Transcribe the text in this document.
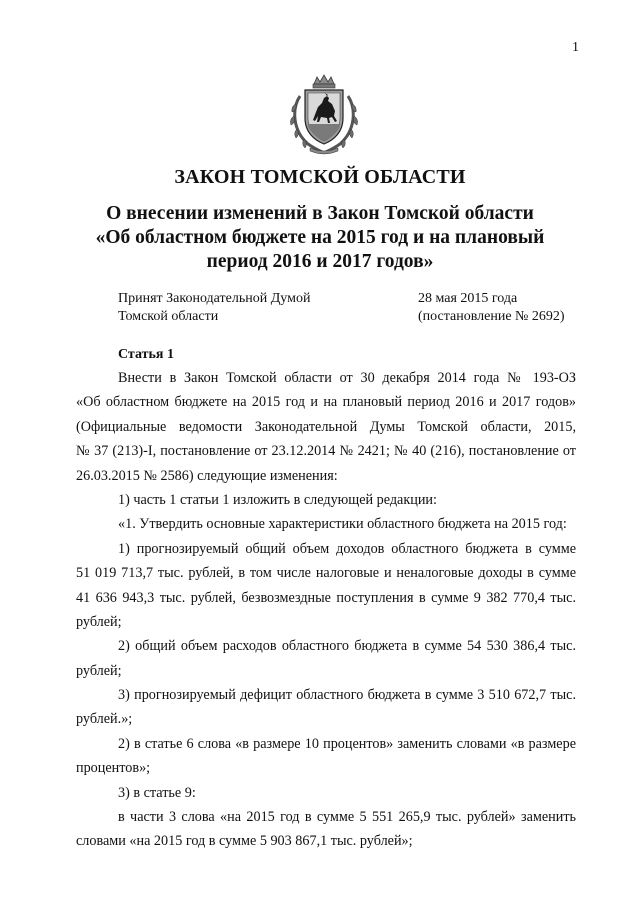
1
ЗАКОН ТОМСКОЙ ОБЛАСТИ
О внесении изменений в Закон Томской области
«Об областном бюджете на 2015 год и на плановый
период 2016 и 2017 годов»
Принят Законодательной Думой
Томской области
28 мая 2015 года
(постановление № 2692)
Статья 1
Внести в Закон Томской области от 30 декабря 2014 года № 193-ОЗ
«Об областном бюджете на 2015 год и на плановый период 2016 и 2017 годов»
(Официальные ведомости Законодательной Думы Томской области, 2015,
№ 37 (213)-I, постановление от 23.12.2014 № 2421; № 40 (216), постановление от
26.03.2015 № 2586) следующие изменения:
1) часть 1 статьи 1 изложить в следующей редакции:
«1. Утвердить основные характеристики областного бюджета на 2015 год:
1) прогнозируемый общий объем доходов областного бюджета в сумме
51 019 713,7 тыс. рублей, в том числе налоговые и неналоговые доходы в сумме
41 636 943,3 тыс. рублей, безвозмездные поступления в сумме 9 382 770,4 тыс.
рублей;
2) общий объем расходов областного бюджета в сумме 54 530 386,4 тыс.
рублей;
3) прогнозируемый дефицит областного бюджета в сумме 3 510 672,7 тыс.
рублей.»;
2) в статье 6 слова «в размере 10 процентов» заменить словами «в размере
процентов»;
3) в статье 9:
в части 3 слова «на 2015 год в сумме 5 551 265,9 тыс. рублей» заменить
словами «на 2015 год в сумме 5 903 867,1 тыс. рублей»;
